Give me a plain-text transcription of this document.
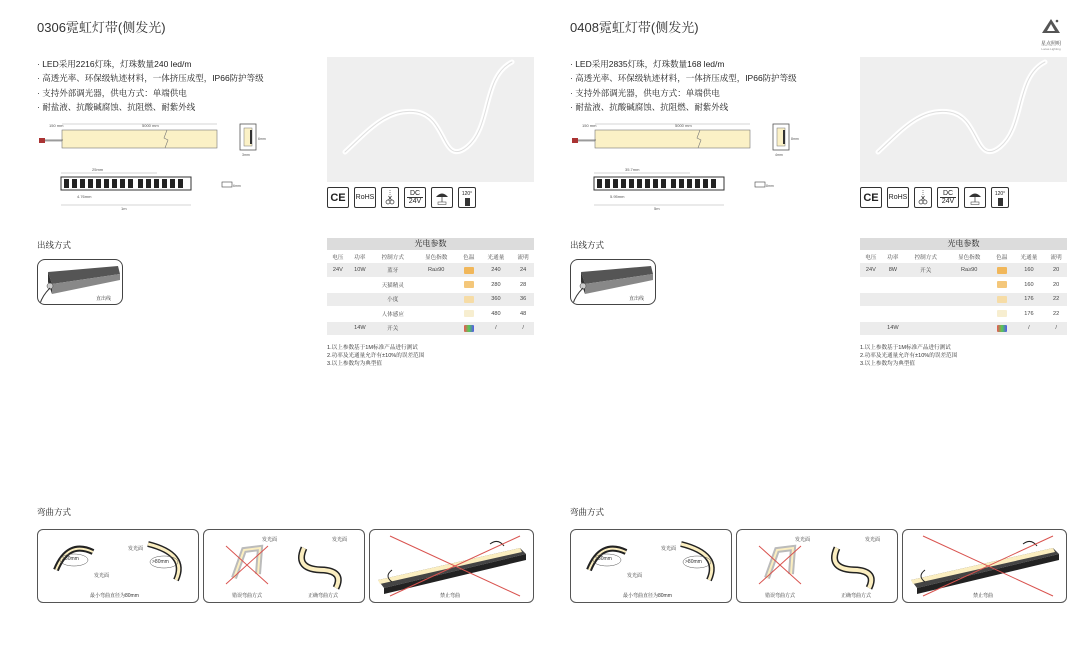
星点照明
Lucas Lighting
0306霓虹灯带(侧发光)
· LED采用2216灯珠，灯珠数量240 led/m
· 高透光率、环保级轨迹材料，一体挤压成型，IP66防护等级
· 支持外部调光器，供电方式：单端供电
· 耐盐液、抗酸碱腐蚀、抗阻燃、耐紫外线
150 mm	5000 mm
6mm
3mm
25mm
4.76mm
1m
6mm
CE	RoHS
DC
24V
120°
出线方式
直出线
光电参数						
电压	功率	控制方式	显色指数	色温	光通量	流明
24V	10W	蓝牙	Ra≥90		240	24
		天猫精灵			280	28
		小度			360	36
		人体感应			480	48
	14W	开关			/	/
1.以上参数基于1M标准产品进行测试
2.功率及光通量允许有±10%的误差范围
3.以上参数均为典型值
弯曲方式
>80mm	>80mm
发光面
发光面
最小弯曲直径为80mm
发光面	发光面
错误弯曲方式	正确弯曲方式	禁止弯曲
0408霓虹灯带(侧发光)
· LED采用2835灯珠，灯珠数量168 led/m
· 高透光率、环保级轨迹材料，一体挤压成型，IP66防护等级
· 支持外部调光器，供电方式：单端供电
· 耐盐液、抗酸碱腐蚀、抗阻燃、耐紫外线
150 mm	5000 mm
8mm
4mm
35.7mm
5.95mm
5m
8mm
CE	RoHS
DC
24V
120°
出线方式
直出线
光电参数						
电压	功率	控制方式	显色指数	色温	光通量	流明
24V	8W	开关	Ra≥90		160	20
					160	20
					176	22
					176	22
	14W				/	/
1.以上参数基于1M标准产品进行测试
2.功率及光通量允许有±10%的误差范围
3.以上参数均为典型值
弯曲方式
>80mm	>80mm
发光面
发光面
最小弯曲直径为80mm
发光面	发光面
错误弯曲方式	正确弯曲方式	禁止弯曲
